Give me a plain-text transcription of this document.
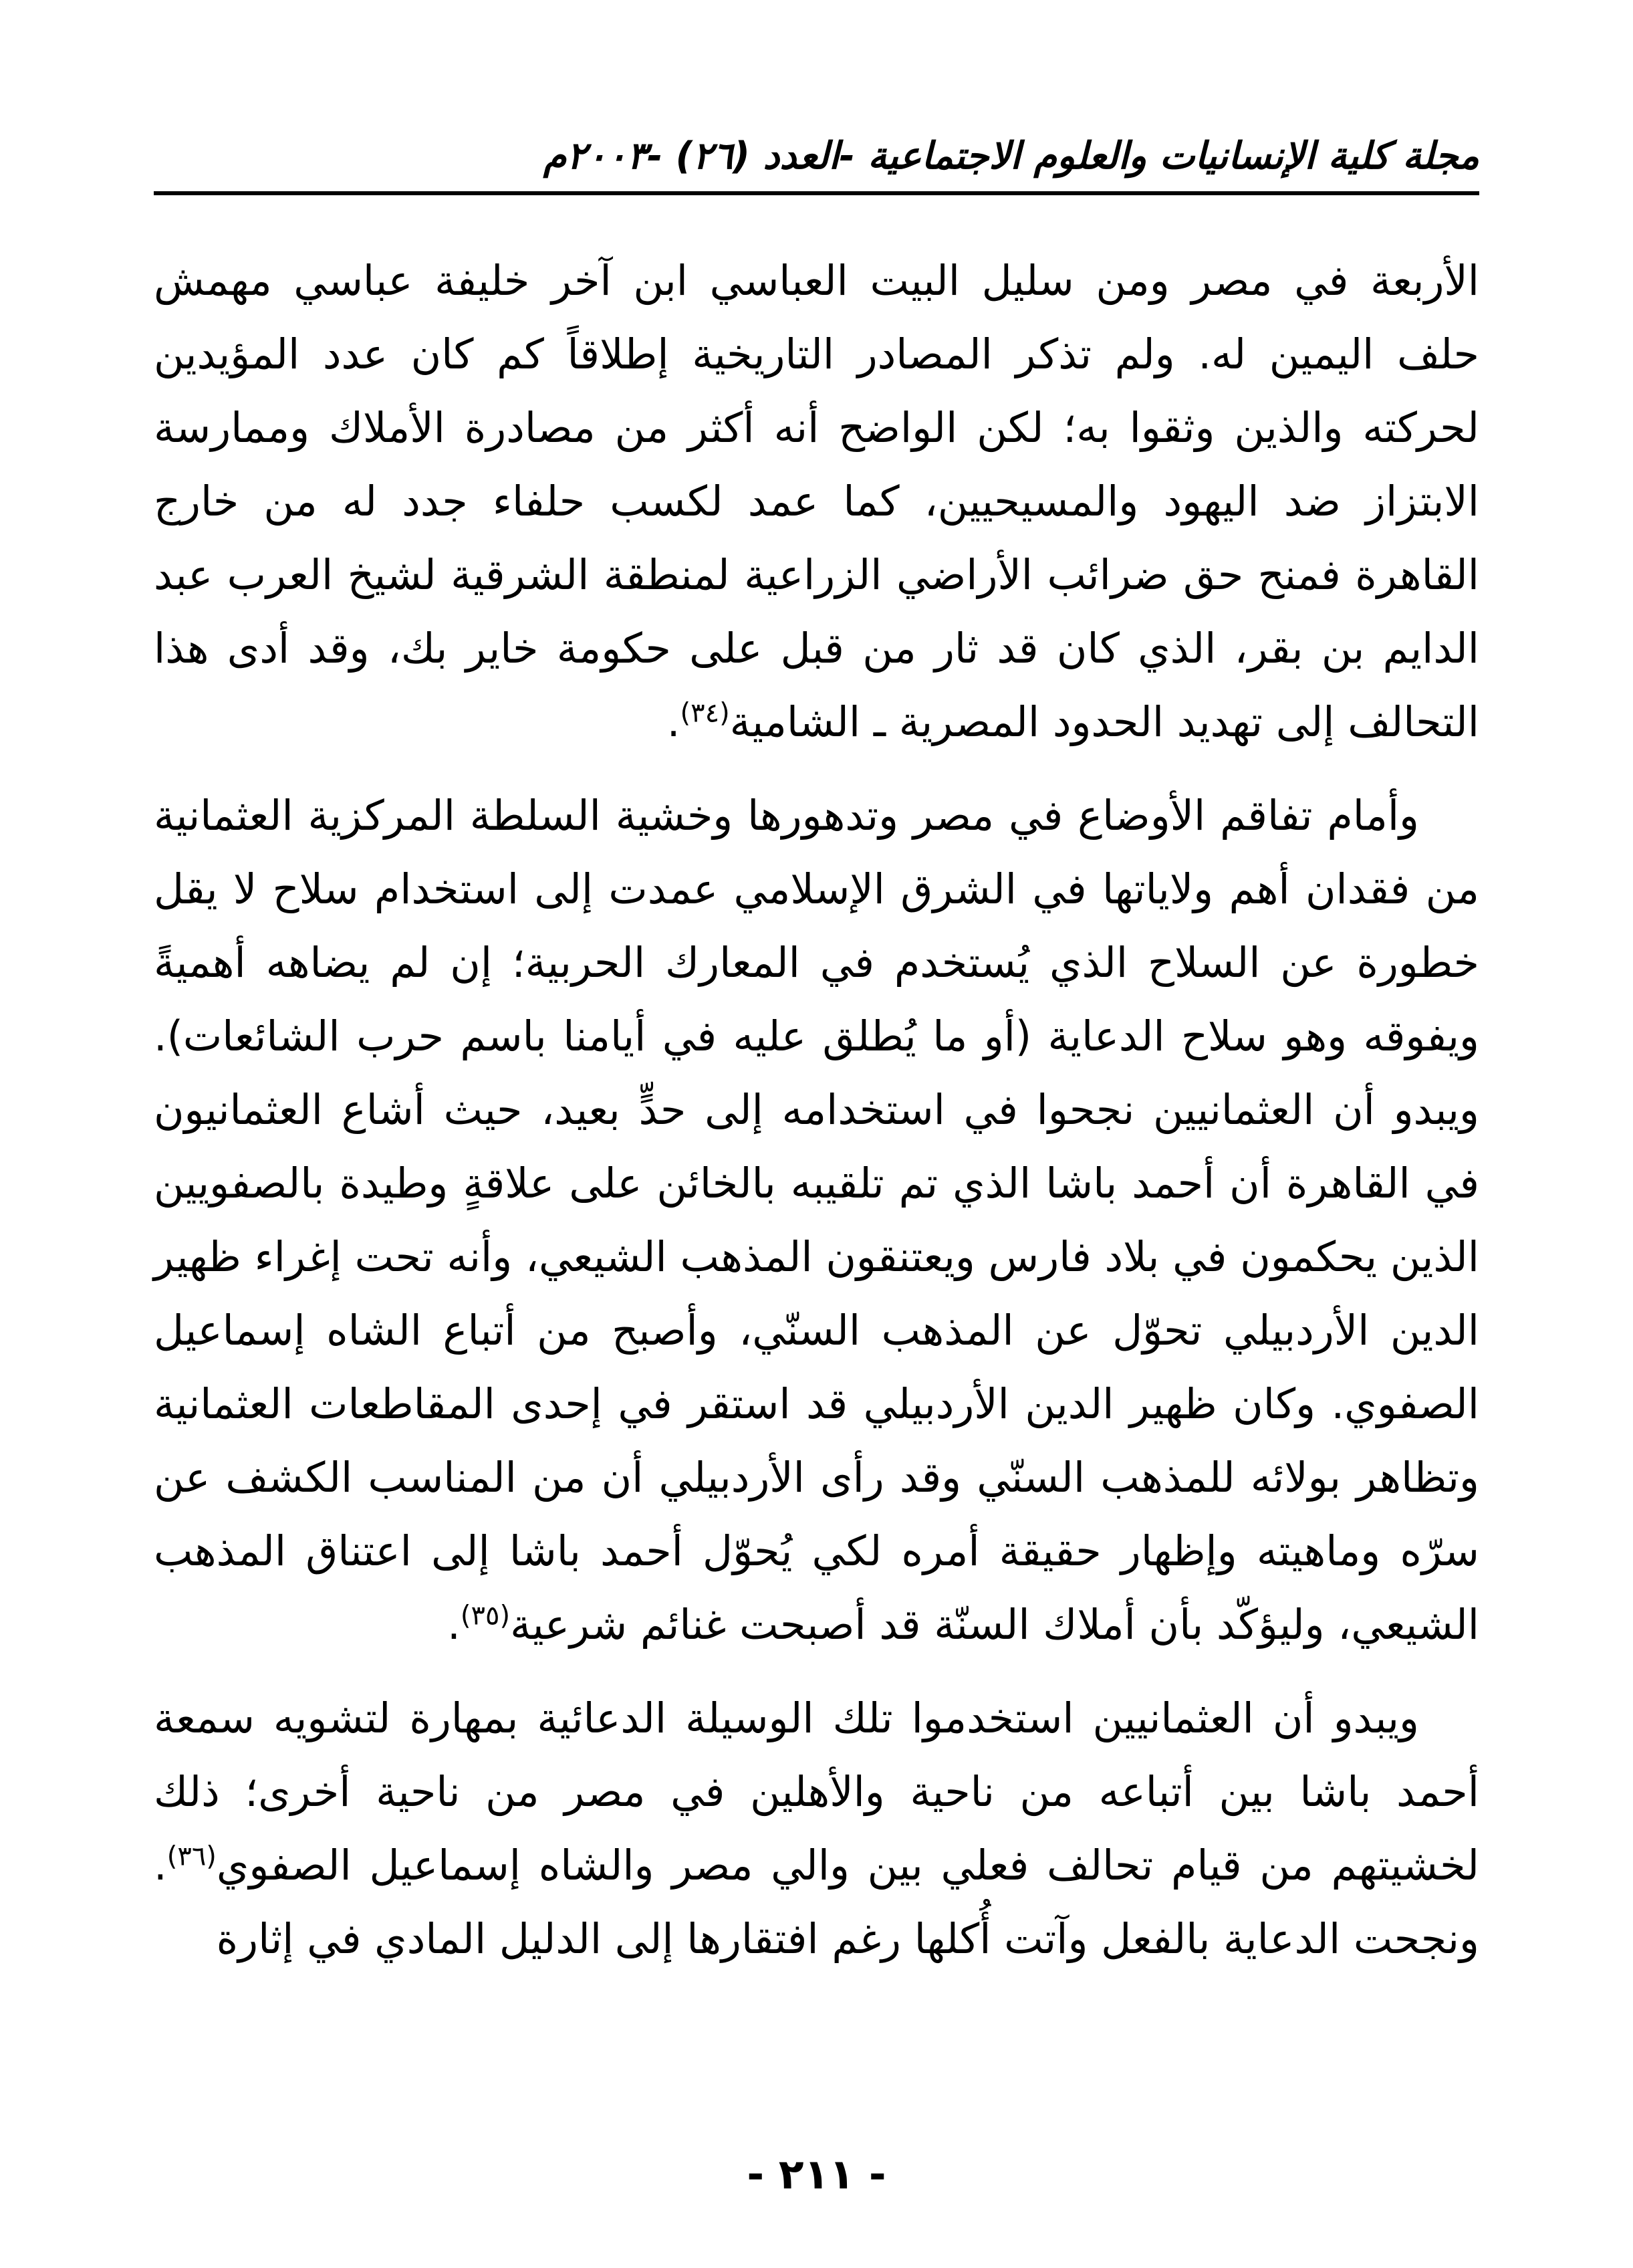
مجلة كلية الإنسانيات والعلوم الاجتماعية -العدد (٢٦) -٢٠٠٣م

الأربعة في مصر ومن سليل البيت العباسي ابن آخر خليفة عباسي مهمش حلف اليمين له. ولم تذكر المصادر التاريخية إطلاقاً كم كان عدد المؤيدين لحركته والذين وثقوا به؛ لكن الواضح أنه أكثر من مصادرة الأملاك وممارسة الابتزاز ضد اليهود والمسيحيين، كما عمد لكسب حلفاء جدد له من خارج القاهرة فمنح حق ضرائب الأراضي الزراعية لمنطقة الشرقية لشيخ العرب عبد الدايم بن بقر، الذي كان قد ثار من قبل على حكومة خاير بك، وقد أدى هذا التحالف إلى تهديد الحدود المصرية ـ الشامية$^{(٣٤)}$.

وأمام تفاقم الأوضاع في مصر وتدهورها وخشية السلطة المركزية العثمانية من فقدان أهم ولاياتها في الشرق الإسلامي عمدت إلى استخدام سلاح لا يقل خطورة عن السلاح الذي يُستخدم في المعارك الحربية؛ إن لم يضاهه أهميةً ويفوقه وهو سلاح الدعاية (أو ما يُطلق عليه في أيامنا باسم حرب الشائعات). ويبدو أن العثمانيين نجحوا في استخدامه إلى حدٍّ بعيد، حيث أشاع العثمانيون في القاهرة أن أحمد باشا الذي تم تلقيبه بالخائن على علاقةٍ وطيدة بالصفويين الذين يحكمون في بلاد فارس ويعتنقون المذهب الشيعي، وأنه تحت إغراء ظهير الدين الأردبيلي تحوّل عن المذهب السنّي، وأصبح من أتباع الشاه إسماعيل الصفوي. وكان ظهير الدين الأردبيلي قد استقر في إحدى المقاطعات العثمانية وتظاهر بولائه للمذهب السنّي وقد رأى الأردبيلي أن من المناسب الكشف عن سرّه وماهيته وإظهار حقيقة أمره لكي يُحوّل أحمد باشا إلى اعتناق المذهب الشيعي، وليؤكّد بأن أملاك السنّة قد أصبحت غنائم شرعية$^{(٣٥)}$.

ويبدو أن العثمانيين استخدموا تلك الوسيلة الدعائية بمهارة لتشويه سمعة أحمد باشا بين أتباعه من ناحية والأهلين في مصر من ناحية أخرى؛ ذلك لخشيتهم من قيام تحالف فعلي بين والي مصر والشاه إسماعيل الصفوي$^{(٣٦)}$. ونجحت الدعاية بالفعل وآتت أُكلها رغم افتقارها إلى الدليل المادي في إثارة

- ٢١١ -
